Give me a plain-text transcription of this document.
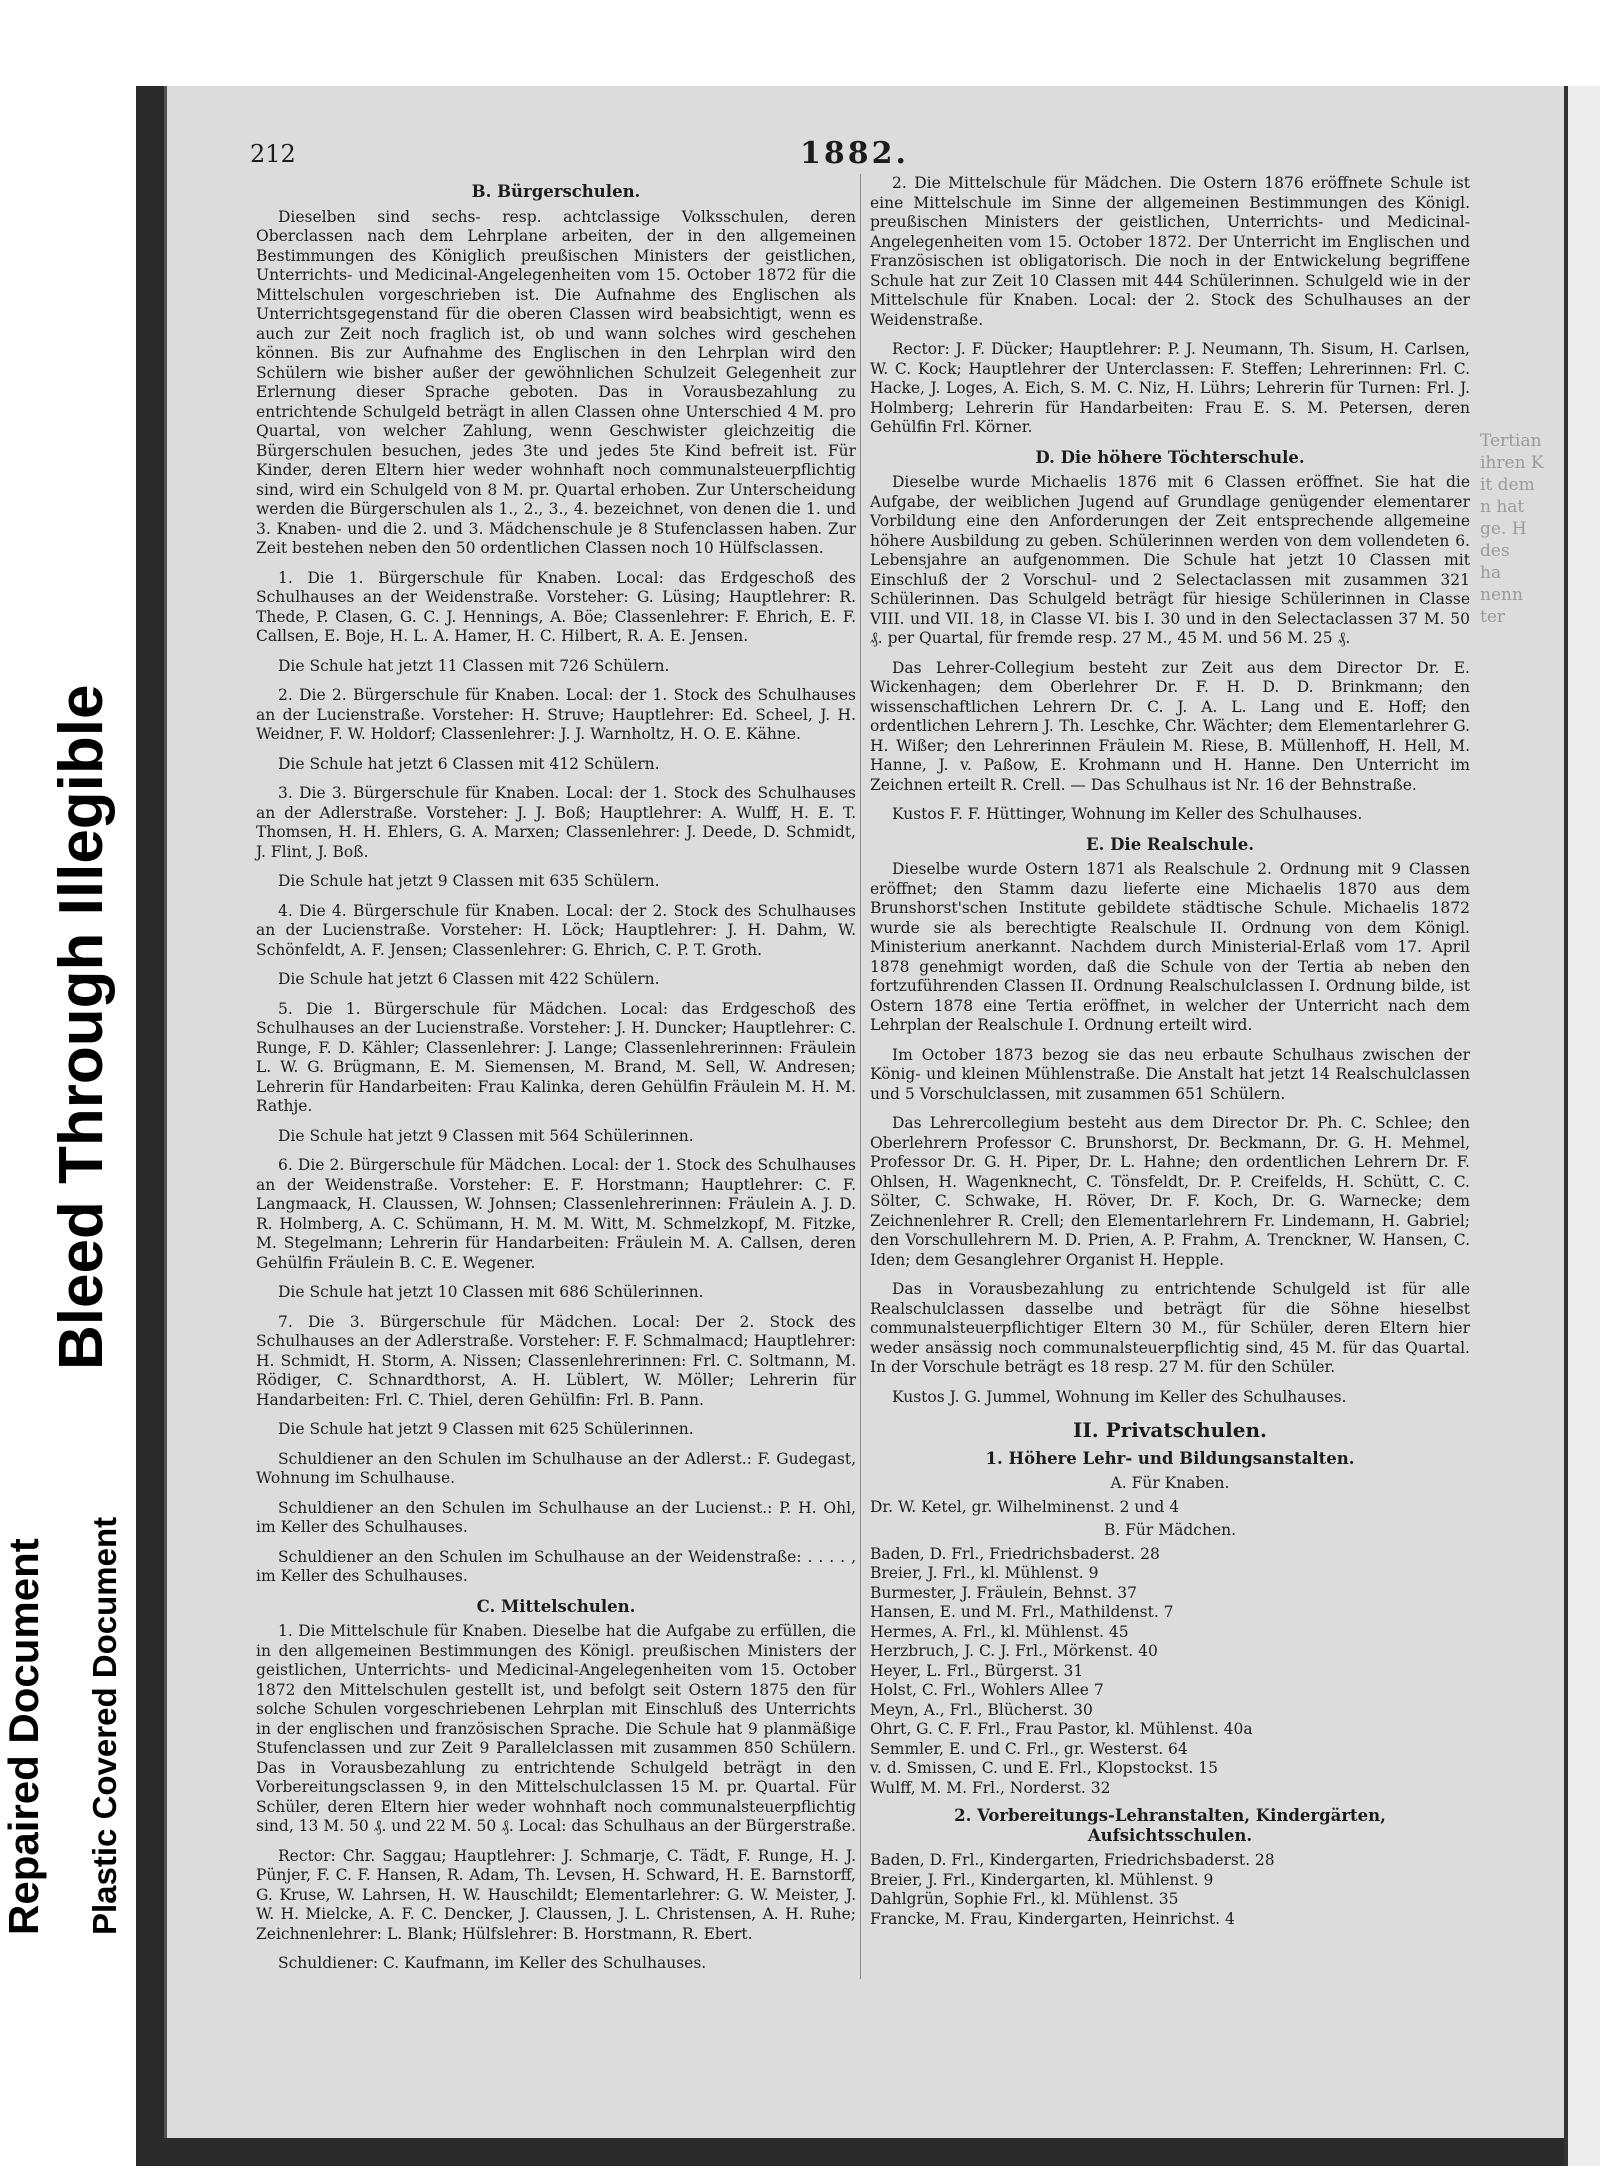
Tertian
ihren K
it dem
n hat
ge. H
des
ha
nenn
ter
212	1882.

B. Bürgerschulen.

Dieselben sind sechs- resp. achtclassige Volksschulen, deren Oberclassen nach dem Lehrplane arbeiten, der in den allgemeinen Bestimmungen des Königlich preußischen Ministers der geistlichen, Unterrichts- und Medicinal-Angelegenheiten vom 15. October 1872 für die Mittelschulen vorgeschrieben ist. Die Aufnahme des Englischen als Unterrichtsgegenstand für die oberen Classen wird beabsichtigt, wenn es auch zur Zeit noch fraglich ist, ob und wann solches wird geschehen können. Bis zur Aufnahme des Englischen in den Lehrplan wird den Schülern wie bisher außer der gewöhnlichen Schulzeit Gelegenheit zur Erlernung dieser Sprache geboten. Das in Vorausbezahlung zu entrichtende Schulgeld beträgt in allen Classen ohne Unterschied 4 M. pro Quartal, von welcher Zahlung, wenn Geschwister gleichzeitig die Bürgerschulen besuchen, jedes 3te und jedes 5te Kind befreit ist. Für Kinder, deren Eltern hier weder wohnhaft noch communalsteuerpflichtig sind, wird ein Schulgeld von 8 M. pr. Quartal erhoben. Zur Unterscheidung werden die Bürgerschulen als 1., 2., 3., 4. bezeichnet, von denen die 1. und 3. Knaben- und die 2. und 3. Mädchenschule je 8 Stufenclassen haben. Zur Zeit bestehen neben den 50 ordentlichen Classen noch 10 Hülfsclassen.

1. Die 1. Bürgerschule für Knaben. Local: das Erdgeschoß des Schulhauses an der Weidenstraße. Vorsteher: G. Lüsing; Hauptlehrer: R. Thede, P. Clasen, G. C. J. Hennings, A. Böe; Classenlehrer: F. Ehrich, E. F. Callsen, E. Boje, H. L. A. Hamer, H. C. Hilbert, R. A. E. Jensen.

Die Schule hat jetzt 11 Classen mit 726 Schülern.

2. Die 2. Bürgerschule für Knaben. Local: der 1. Stock des Schulhauses an der Lucienstraße. Vorsteher: H. Struve; Hauptlehrer: Ed. Scheel, J. H. Weidner, F. W. Holdorf; Classenlehrer: J. J. Warnholtz, H. O. E. Kähne.

Die Schule hat jetzt 6 Classen mit 412 Schülern.

3. Die 3. Bürgerschule für Knaben. Local: der 1. Stock des Schulhauses an der Adlerstraße. Vorsteher: J. J. Boß; Hauptlehrer: A. Wulff, H. E. T. Thomsen, H. H. Ehlers, G. A. Marxen; Classenlehrer: J. Deede, D. Schmidt, J. Flint, J. Boß.

Die Schule hat jetzt 9 Classen mit 635 Schülern.

4. Die 4. Bürgerschule für Knaben. Local: der 2. Stock des Schulhauses an der Lucienstraße. Vorsteher: H. Löck; Hauptlehrer: J. H. Dahm, W. Schönfeldt, A. F. Jensen; Classenlehrer: G. Ehrich, C. P. T. Groth.

Die Schule hat jetzt 6 Classen mit 422 Schülern.

5. Die 1. Bürgerschule für Mädchen. Local: das Erdgeschoß des Schulhauses an der Lucienstraße. Vorsteher: J. H. Duncker; Hauptlehrer: C. Runge, F. D. Kähler; Classenlehrer: J. Lange; Classenlehrerinnen: Fräulein L. W. G. Brügmann, E. M. Siemensen, M. Brand, M. Sell, W. Andresen; Lehrerin für Handarbeiten: Frau Kalinka, deren Gehülfin Fräulein M. H. M. Rathje.

Die Schule hat jetzt 9 Classen mit 564 Schülerinnen.

6. Die 2. Bürgerschule für Mädchen. Local: der 1. Stock des Schulhauses an der Weidenstraße. Vorsteher: E. F. Horstmann; Hauptlehrer: C. F. Langmaack, H. Claussen, W. Johnsen; Classenlehrerinnen: Fräulein A. J. D. R. Holmberg, A. C. Schümann, H. M. M. Witt, M. Schmelzkopf, M. Fitzke, M. Stegelmann; Lehrerin für Handarbeiten: Fräulein M. A. Callsen, deren Gehülfin Fräulein B. C. E. Wegener.

Die Schule hat jetzt 10 Classen mit 686 Schülerinnen.

7. Die 3. Bürgerschule für Mädchen. Local: Der 2. Stock des Schulhauses an der Adlerstraße. Vorsteher: F. F. Schmalmacd; Hauptlehrer: H. Schmidt, H. Storm, A. Nissen; Classenlehrerinnen: Frl. C. Soltmann, M. Rödiger, C. Schnardthorst, A. H. Lüblert, W. Möller; Lehrerin für Handarbeiten: Frl. C. Thiel, deren Gehülfin: Frl. B. Pann.

Die Schule hat jetzt 9 Classen mit 625 Schülerinnen.

Schuldiener an den Schulen im Schulhause an der Adlerst.: F. Gudegast, Wohnung im Schulhause.

Schuldiener an den Schulen im Schulhause an der Lucienst.: P. H. Ohl, im Keller des Schulhauses.

Schuldiener an den Schulen im Schulhause an der Weidenstraße: . . . . , im Keller des Schulhauses.

C. Mittelschulen.

1. Die Mittelschule für Knaben. Dieselbe hat die Aufgabe zu erfüllen, die in den allgemeinen Bestimmungen des Königl. preußischen Ministers der geistlichen, Unterrichts- und Medicinal-Angelegenheiten vom 15. October 1872 den Mittelschulen gestellt ist, und befolgt seit Ostern 1875 den für solche Schulen vorgeschriebenen Lehrplan mit Einschluß des Unterrichts in der englischen und französischen Sprache. Die Schule hat 9 planmäßige Stufenclassen und zur Zeit 9 Parallelclassen mit zusammen 850 Schülern. Das in Vorausbezahlung zu entrichtende Schulgeld beträgt in den Vorbereitungsclassen 9, in den Mittelschulclassen 15 M. pr. Quartal. Für Schüler, deren Eltern hier weder wohnhaft noch communalsteuerpflichtig sind, 13 M. 50 ₰. und 22 M. 50 ₰. Local: das Schulhaus an der Bürgerstraße.

Rector: Chr. Saggau; Hauptlehrer: J. Schmarje, C. Tädt, F. Runge, H. J. Pünjer, F. C. F. Hansen, R. Adam, Th. Levsen, H. Schward, H. E. Barnstorff, G. Kruse, W. Lahrsen, H. W. Hauschildt; Elementarlehrer: G. W. Meister, J. W. H. Mielcke, A. F. C. Dencker, J. Claussen, J. L. Christensen, A. H. Ruhe; Zeichnenlehrer: L. Blank; Hülfslehrer: B. Horstmann, R. Ebert.

Schuldiener: C. Kaufmann, im Keller des Schulhauses.

2. Die Mittelschule für Mädchen. Die Ostern 1876 eröffnete Schule ist eine Mittelschule im Sinne der allgemeinen Bestimmungen des Königl. preußischen Ministers der geistlichen, Unterrichts- und Medicinal-Angelegenheiten vom 15. October 1872. Der Unterricht im Englischen und Französischen ist obligatorisch. Die noch in der Entwickelung begriffene Schule hat zur Zeit 10 Classen mit 444 Schülerinnen. Schulgeld wie in der Mittelschule für Knaben. Local: der 2. Stock des Schulhauses an der Weidenstraße.

Rector: J. F. Dücker; Hauptlehrer: P. J. Neumann, Th. Sisum, H. Carlsen, W. C. Kock; Hauptlehrer der Unterclassen: F. Steffen; Lehrerinnen: Frl. C. Hacke, J. Loges, A. Eich, S. M. C. Niz, H. Lührs; Lehrerin für Turnen: Frl. J. Holmberg; Lehrerin für Handarbeiten: Frau E. S. M. Petersen, deren Gehülfin Frl. Körner.

D. Die höhere Töchterschule.

Dieselbe wurde Michaelis 1876 mit 6 Classen eröffnet. Sie hat die Aufgabe, der weiblichen Jugend auf Grundlage genügender elementarer Vorbildung eine den Anforderungen der Zeit entsprechende allgemeine höhere Ausbildung zu geben. Schülerinnen werden von dem vollendeten 6. Lebensjahre an aufgenommen. Die Schule hat jetzt 10 Classen mit Einschluß der 2 Vorschul- und 2 Selectaclassen mit zusammen 321 Schülerinnen. Das Schulgeld beträgt für hiesige Schülerinnen in Classe VIII. und VII. 18, in Classe VI. bis I. 30 und in den Selectaclassen 37 M. 50 ₰. per Quartal, für fremde resp. 27 M., 45 M. und 56 M. 25 ₰.

Das Lehrer-Collegium besteht zur Zeit aus dem Director Dr. E. Wickenhagen; dem Oberlehrer Dr. F. H. D. D. Brinkmann; den wissenschaftlichen Lehrern Dr. C. J. A. L. Lang und E. Hoff; den ordentlichen Lehrern J. Th. Leschke, Chr. Wächter; dem Elementarlehrer G. H. Wißer; den Lehrerinnen Fräulein M. Riese, B. Müllenhoff, H. Hell, M. Hanne, J. v. Paßow, E. Krohmann und H. Hanne. Den Unterricht im Zeichnen erteilt R. Crell. — Das Schulhaus ist Nr. 16 der Behnstraße.

Kustos F. F. Hüttinger, Wohnung im Keller des Schulhauses.

E. Die Realschule.

Dieselbe wurde Ostern 1871 als Realschule 2. Ordnung mit 9 Classen eröffnet; den Stamm dazu lieferte eine Michaelis 1870 aus dem Brunshorst'schen Institute gebildete städtische Schule. Michaelis 1872 wurde sie als berechtigte Realschule II. Ordnung von dem Königl. Ministerium anerkannt. Nachdem durch Ministerial-Erlaß vom 17. April 1878 genehmigt worden, daß die Schule von der Tertia ab neben den fortzuführenden Classen II. Ordnung Realschulclassen I. Ordnung bilde, ist Ostern 1878 eine Tertia eröffnet, in welcher der Unterricht nach dem Lehrplan der Realschule I. Ordnung erteilt wird.

Im October 1873 bezog sie das neu erbaute Schulhaus zwischen der König- und kleinen Mühlenstraße. Die Anstalt hat jetzt 14 Realschulclassen und 5 Vorschulclassen, mit zusammen 651 Schülern.

Das Lehrercollegium besteht aus dem Director Dr. Ph. C. Schlee; den Oberlehrern Professor C. Brunshorst, Dr. Beckmann, Dr. G. H. Mehmel, Professor Dr. G. H. Piper, Dr. L. Hahne; den ordentlichen Lehrern Dr. F. Ohlsen, H. Wagenknecht, C. Tönsfeldt, Dr. P. Creifelds, H. Schütt, C. C. Sölter, C. Schwake, H. Röver, Dr. F. Koch, Dr. G. Warnecke; dem Zeichnenlehrer R. Crell; den Elementarlehrern Fr. Lindemann, H. Gabriel; den Vorschullehrern M. D. Prien, A. P. Frahm, A. Trenckner, W. Hansen, C. Iden; dem Gesanglehrer Organist H. Hepple.

Das in Vorausbezahlung zu entrichtende Schulgeld ist für alle Realschulclassen dasselbe und beträgt für die Söhne hieselbst communalsteuerpflichtiger Eltern 30 M., für Schüler, deren Eltern hier weder ansässig noch communalsteuerpflichtig sind, 45 M. für das Quartal. In der Vorschule beträgt es 18 resp. 27 M. für den Schüler.

Kustos J. G. Jummel, Wohnung im Keller des Schulhauses.

II. Privatschulen.

1. Höhere Lehr- und Bildungsanstalten.

A. Für Knaben.

Dr. W. Ketel, gr. Wilhelminenst. 2 und 4

B. Für Mädchen.

Baden, D. Frl., Friedrichsbaderst. 28

Breier, J. Frl., kl. Mühlenst. 9

Burmester, J. Fräulein, Behnst. 37

Hansen, E. und M. Frl., Mathildenst. 7

Hermes, A. Frl., kl. Mühlenst. 45

Herzbruch, J. C. J. Frl., Mörkenst. 40

Heyer, L. Frl., Bürgerst. 31

Holst, C. Frl., Wohlers Allee 7

Meyn, A., Frl., Blücherst. 30

Ohrt, G. C. F. Frl., Frau Pastor, kl. Mühlenst. 40a

Semmler, E. und C. Frl., gr. Westerst. 64

v. d. Smissen, C. und E. Frl., Klopstockst. 15

Wulff, M. M. Frl., Norderst. 32

2. Vorbereitungs-Lehranstalten, Kindergärten, Aufsichtsschulen.

Baden, D. Frl., Kindergarten, Friedrichsbaderst. 28

Breier, J. Frl., Kindergarten, kl. Mühlenst. 9

Dahlgrün, Sophie Frl., kl. Mühlenst. 35

Francke, M. Frau, Kindergarten, Heinrichst. 4

Repaired Document Plastic Covered Document
Bleed Through Illegible
